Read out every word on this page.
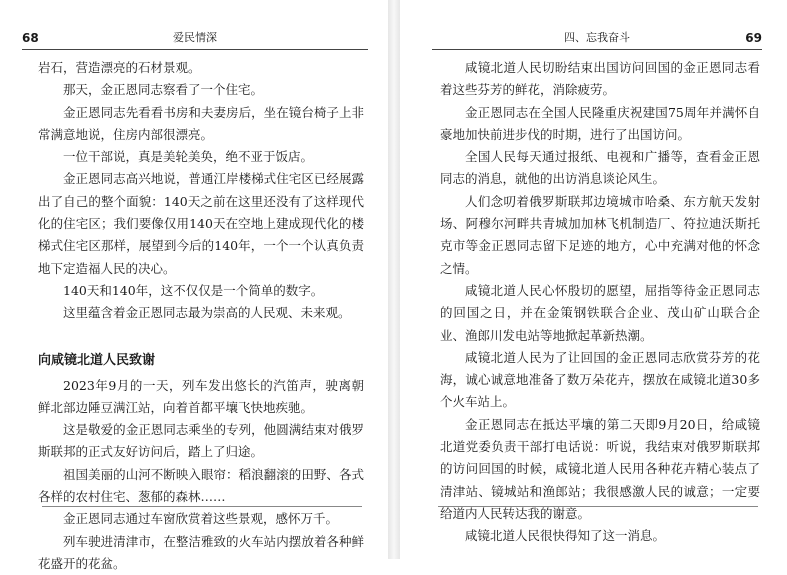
68	爱民情深

岩石，营造漂亮的石材景观。

那天，金正恩同志察看了一个住宅。

金正恩同志先看看书房和夫妻房后，坐在镜台椅子上非常满意地说，住房内部很漂亮。

一位干部说，真是美轮美奂，绝不亚于饭店。

金正恩同志高兴地说，普通江岸楼梯式住宅区已经展露出了自己的整个面貌：140天之前在这里还没有了这样现代化的住宅区；我们要像仅用140天在空地上建成现代化的楼梯式住宅区那样，展望到今后的140年，一个一个认真负责地下定造福人民的决心。

140天和140年，这不仅仅是一个简单的数字。

这里蕴含着金正恩同志最为崇高的人民观、未来观。

向咸镜北道人民致谢

2023年9月的一天，列车发出悠长的汽笛声，驶离朝鲜北部边陲豆满江站，向着首都平壤飞快地疾驰。

这是敬爱的金正恩同志乘坐的专列，他圆满结束对俄罗斯联邦的正式友好访问后，踏上了归途。

祖国美丽的山河不断映入眼帘：稻浪翻滚的田野、各式各样的农村住宅、葱郁的森林……

金正恩同志通过车窗欣赏着这些景观，感怀万千。

列车驶进清津市，在整洁雅致的火车站内摆放着各种鲜花盛开的花盆。

四、忘我奋斗	69

咸镜北道人民切盼结束出国访问回国的金正恩同志看着这些芬芳的鲜花，消除疲劳。

金正恩同志在全国人民隆重庆祝建国75周年并满怀自豪地加快前进步伐的时期，进行了出国访问。

全国人民每天通过报纸、电视和广播等，查看金正恩同志的消息，就他的出访消息谈论风生。

人们念叨着俄罗斯联邦边境城市哈桑、东方航天发射场、阿穆尔河畔共青城加加林飞机制造厂、符拉迪沃斯托克市等金正恩同志留下足迹的地方，心中充满对他的怀念之情。

咸镜北道人民心怀殷切的愿望，屈指等待金正恩同志的回国之日，并在金策钢铁联合企业、茂山矿山联合企业、渔郎川发电站等地掀起革新热潮。

咸镜北道人民为了让回国的金正恩同志欣赏芬芳的花海，诚心诚意地准备了数万朵花卉，摆放在咸镜北道30多个火车站上。

金正恩同志在抵达平壤的第二天即9月20日，给咸镜北道党委负责干部打电话说：听说，我结束对俄罗斯联邦的访问回国的时候，咸镜北道人民用各种花卉精心装点了清津站、镜城站和渔郎站；我很感激人民的诚意；一定要给道内人民转达我的谢意。

咸镜北道人民很快得知了这一消息。
